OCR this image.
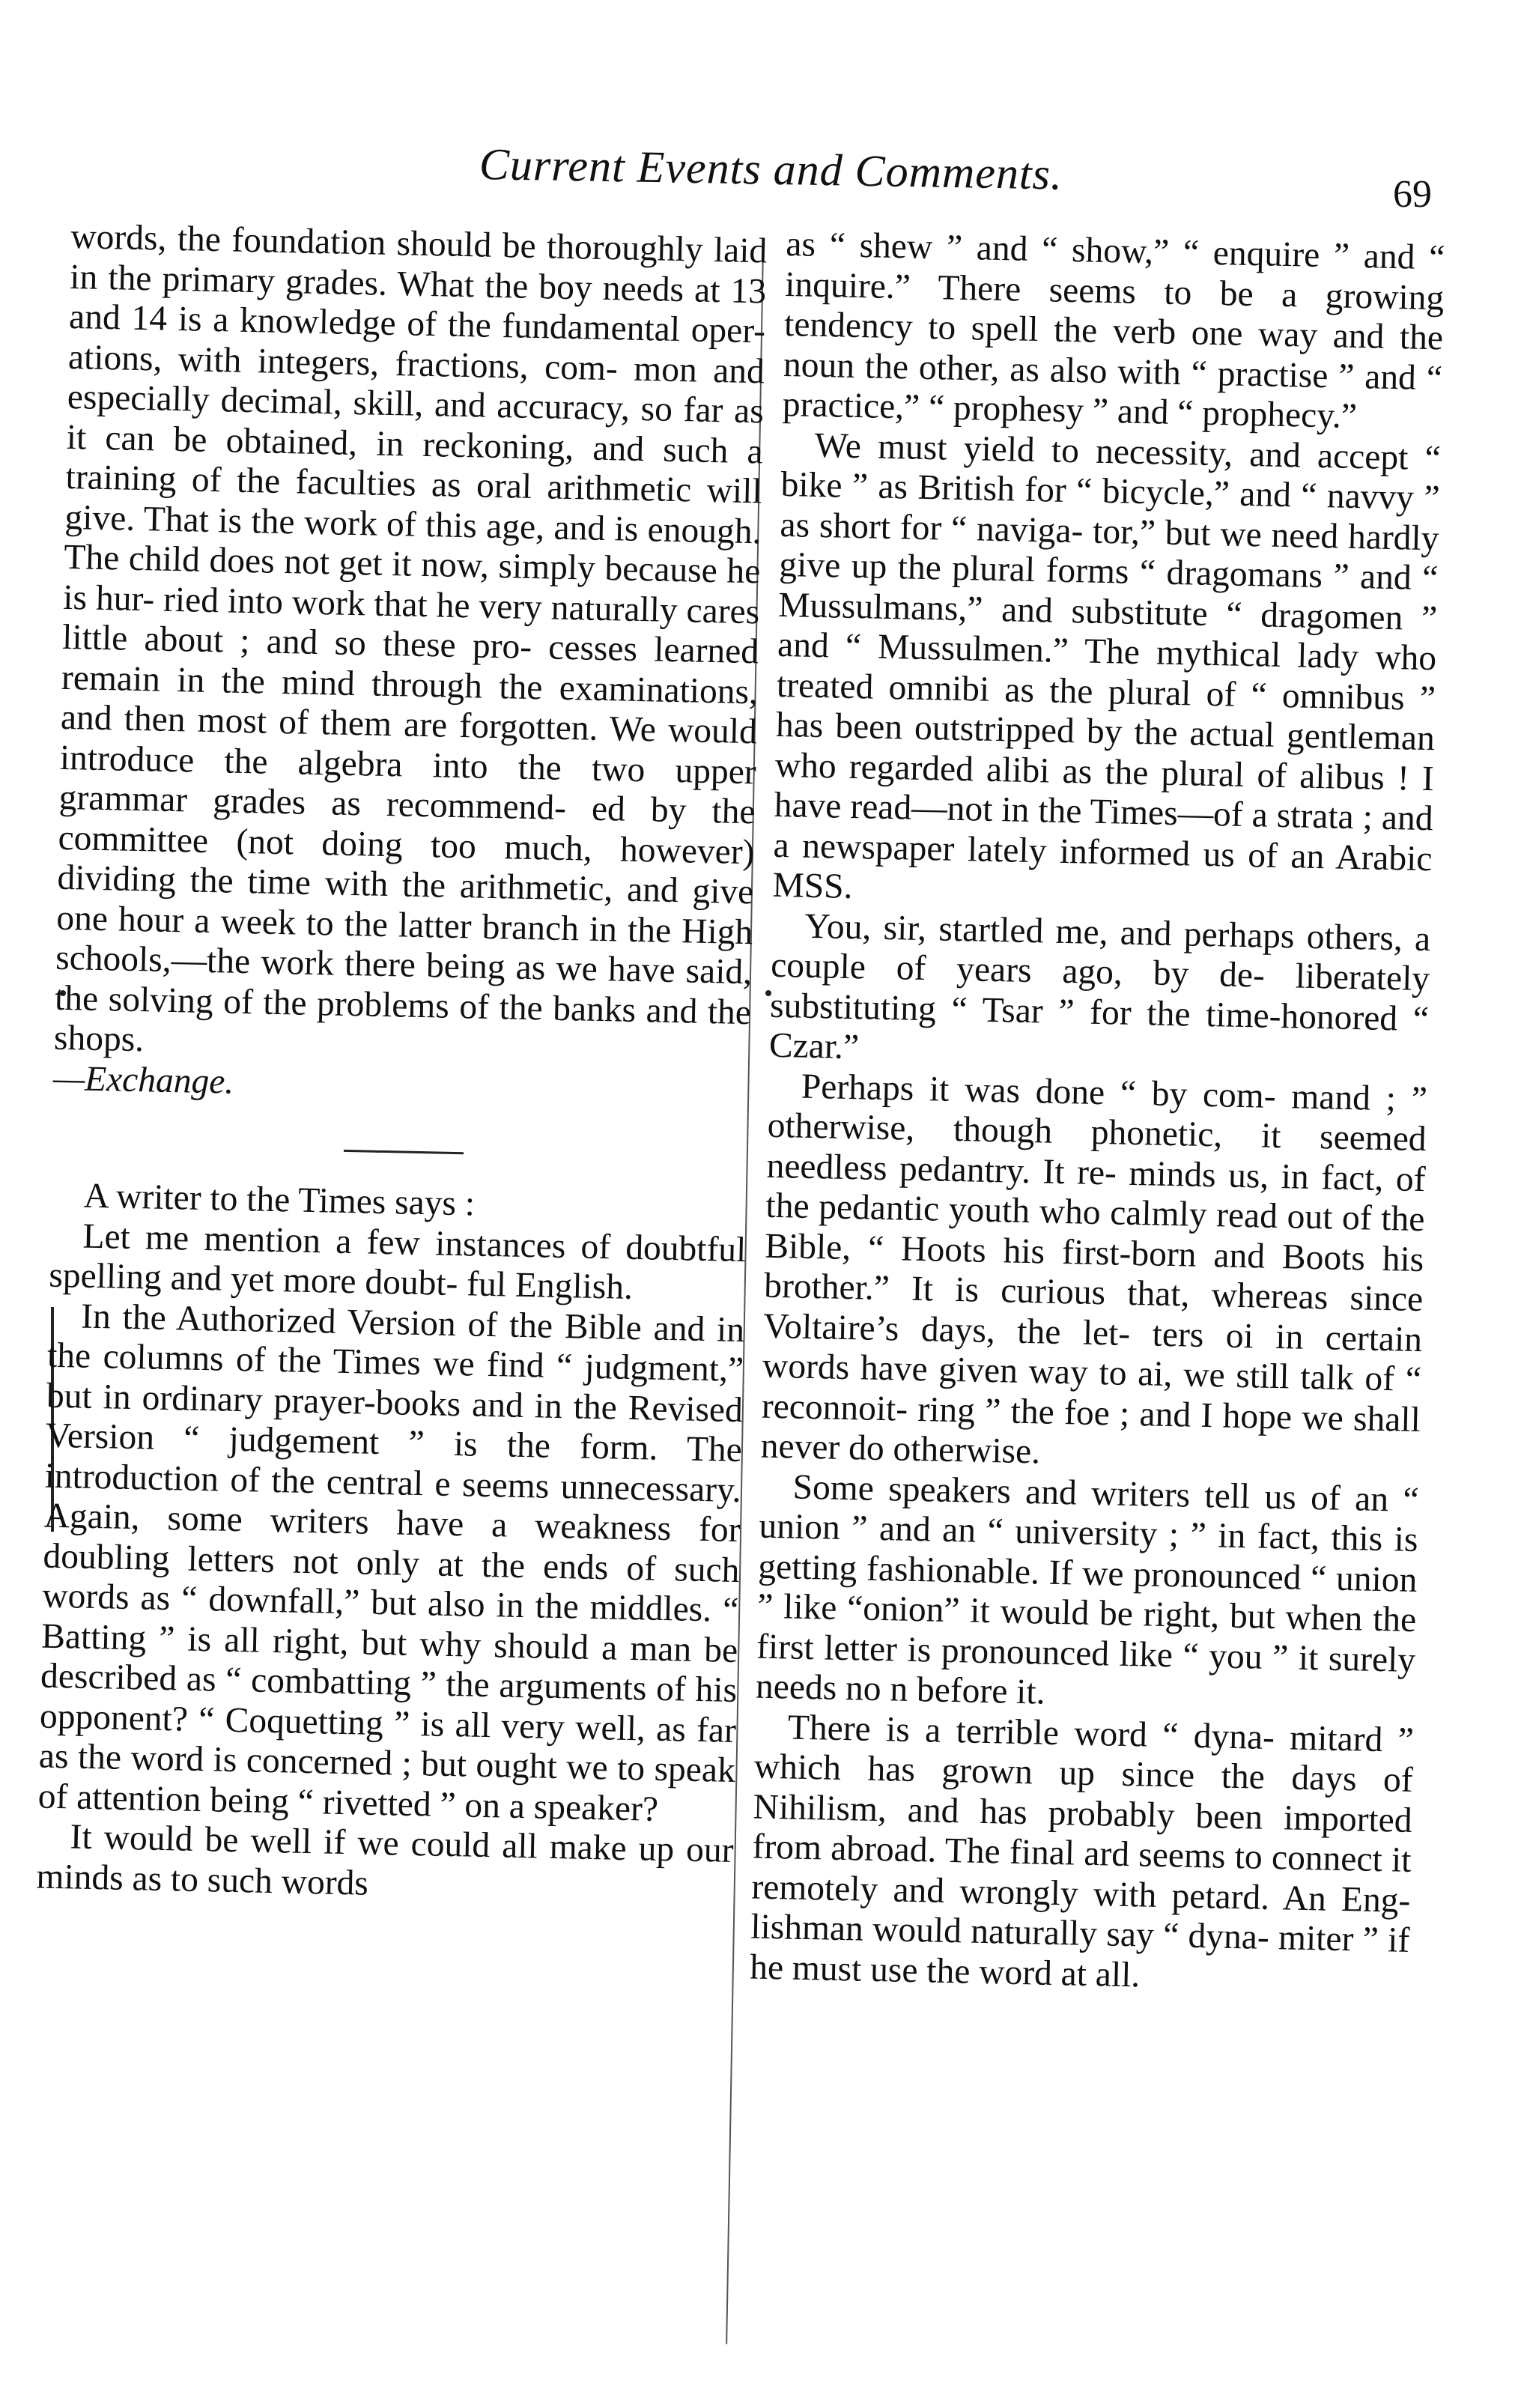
Current Events and Comments.	69

words, the foundation should be thoroughly laid in the primary grades. What the boy needs at 13 and 14 is a knowledge of the fundamental oper- ations, with integers, fractions, com- mon and especially decimal, skill, and accuracy, so far as it can be obtained, in reckoning, and such a training of the faculties as oral arithmetic will give. That is the work of this age, and is enough. The child does not get it now, simply because he is hur- ried into work that he very naturally cares little about ; and so these pro- cesses learned remain in the mind through the examinations, and then most of them are forgotten. We would introduce the algebra into the two upper grammar grades as recommend- ed by the committee (not doing too much, however) dividing the time with the arithmetic, and give one hour a week to the latter branch in the High schools,—the work there being as we have said, the solving of the problems of the banks and the shops.

—Exchange.

A writer to the Times says :

Let me mention a few instances of doubtful spelling and yet more doubt- ful English.

In the Authorized Version of the Bible and in the columns of the Times we find “ judgment,” but in ordinary prayer-books and in the Revised Version “ judgement ” is the form. The introduction of the central e seems unnecessary. Again, some writers have a weakness for doubling letters not only at the ends of such words as “ downfall,” but also in the middles. “ Batting ” is all right, but why should a man be described as “ combatting ” the arguments of his opponent? “ Coquetting ” is all very well, as far as the word is concerned ; but ought we to speak of attention being “ rivetted ” on a speaker?

It would be well if we could all make up our minds as to such words

as “ shew ” and “ show,” “ enquire ” and “ inquire.” There seems to be a growing tendency to spell the verb one way and the noun the other, as also with “ practise ” and “ practice,” “ prophesy ” and “ prophecy.”

We must yield to necessity, and accept “ bike ” as British for “ bicycle,” and “ navvy ” as short for “ naviga- tor,” but we need hardly give up the plural forms “ dragomans ” and “ Mussulmans,” and substitute “ dragomen ” and “ Mussulmen.” The mythical lady who treated omnibi as the plural of “ omnibus ” has been outstripped by the actual gentleman who regarded alibi as the plural of alibus ! I have read—not in the Times—of a strata ; and a newspaper lately informed us of an Arabic MSS.

You, sir, startled me, and perhaps others, a couple of years ago, by de- liberately substituting “ Tsar ” for the time-honored “ Czar.”

Perhaps it was done “ by com- mand ; ” otherwise, though phonetic, it seemed needless pedantry. It re- minds us, in fact, of the pedantic youth who calmly read out of the Bible, “ Hoots his first-born and Boots his brother.” It is curious that, whereas since Voltaire’s days, the let- ters oi in certain words have given way to ai, we still talk of “ reconnoit- ring ” the foe ; and I hope we shall never do otherwise.

Some speakers and writers tell us of an “ union ” and an “ university ; ” in fact, this is getting fashionable. If we pronounced “ union ” like “onion” it would be right, but when the first letter is pronounced like “ you ” it surely needs no n before it.

There is a terrible word “ dyna- mitard ” which has grown up since the days of Nihilism, and has probably been imported from abroad. The final ard seems to connect it remotely and wrongly with petard. An Eng- lishman would naturally say “ dyna- miter ” if he must use the word at all.
